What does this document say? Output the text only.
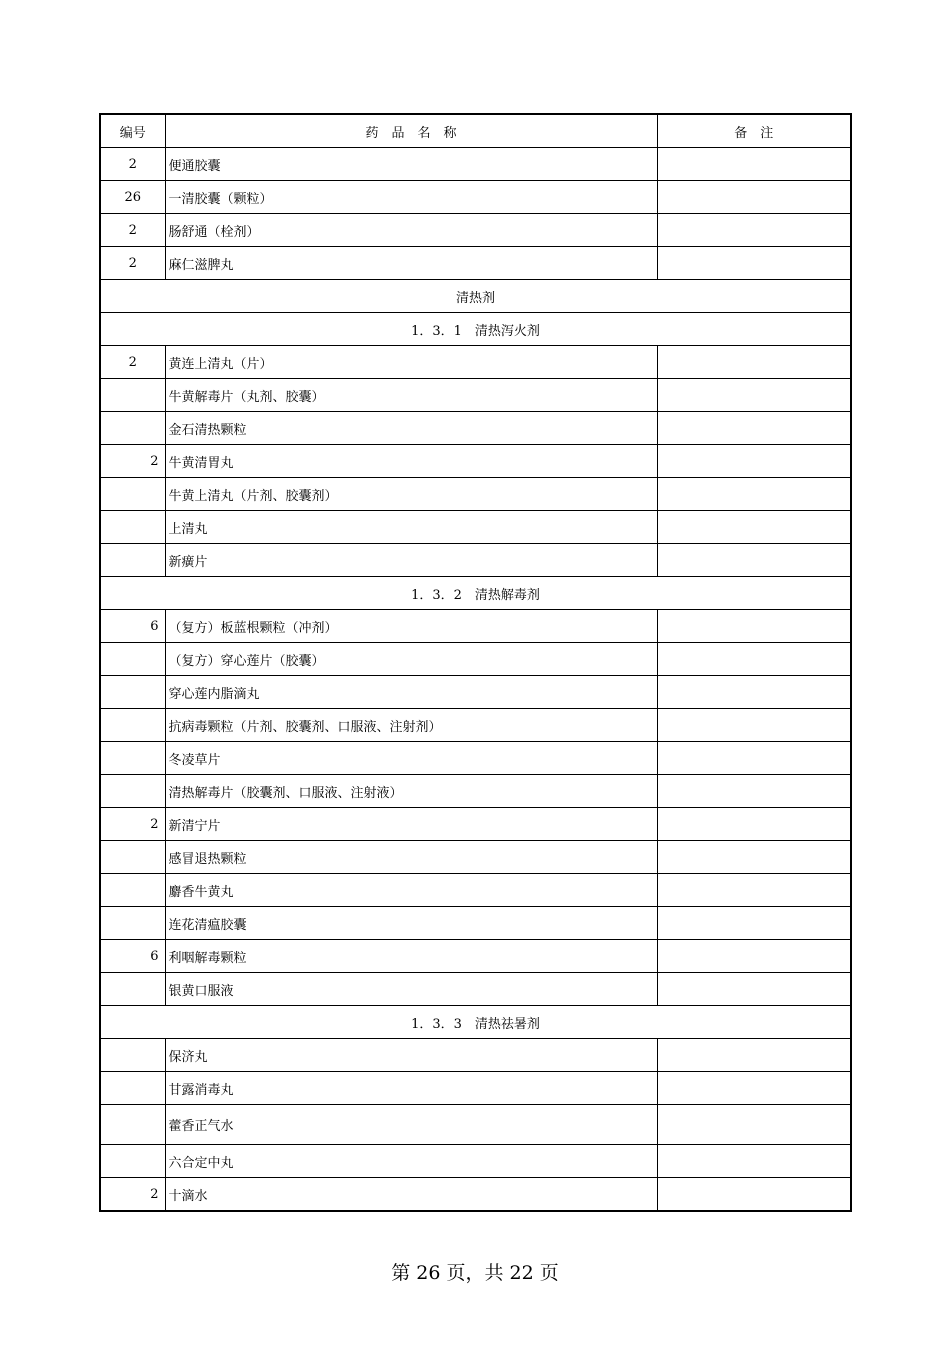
编号	药　品　名　称	备　注
2	便通胶囊	
26	一清胶囊（颗粒）	
2	肠舒通（栓剂）	
2	麻仁滋脾丸	
清热剂		
1．3．1　清热泻火剂		
2	黄连上清丸（片）	
	牛黄解毒片（丸剂、胶囊）	
	金石清热颗粒	
2	牛黄清胃丸	
	牛黄上清丸（片剂、胶囊剂）	
	上清丸	
	新癀片	
1．3．2　清热解毒剂		
6	（复方）板蓝根颗粒（冲剂）	
	（复方）穿心莲片（胶囊）	
	穿心莲内脂滴丸	
	抗病毒颗粒（片剂、胶囊剂、口服液、注射剂）	
	冬凌草片	
	清热解毒片（胶囊剂、口服液、注射液）	
2	新清宁片	
	感冒退热颗粒	
	麝香牛黄丸	
	连花清瘟胶囊	
6	利咽解毒颗粒	
	银黄口服液	
1．3．3　清热祛暑剂		
	保济丸	
	甘露消毒丸	
	藿香正气水	
	六合定中丸	
2	十滴水	
第 26 页，共 22 页
